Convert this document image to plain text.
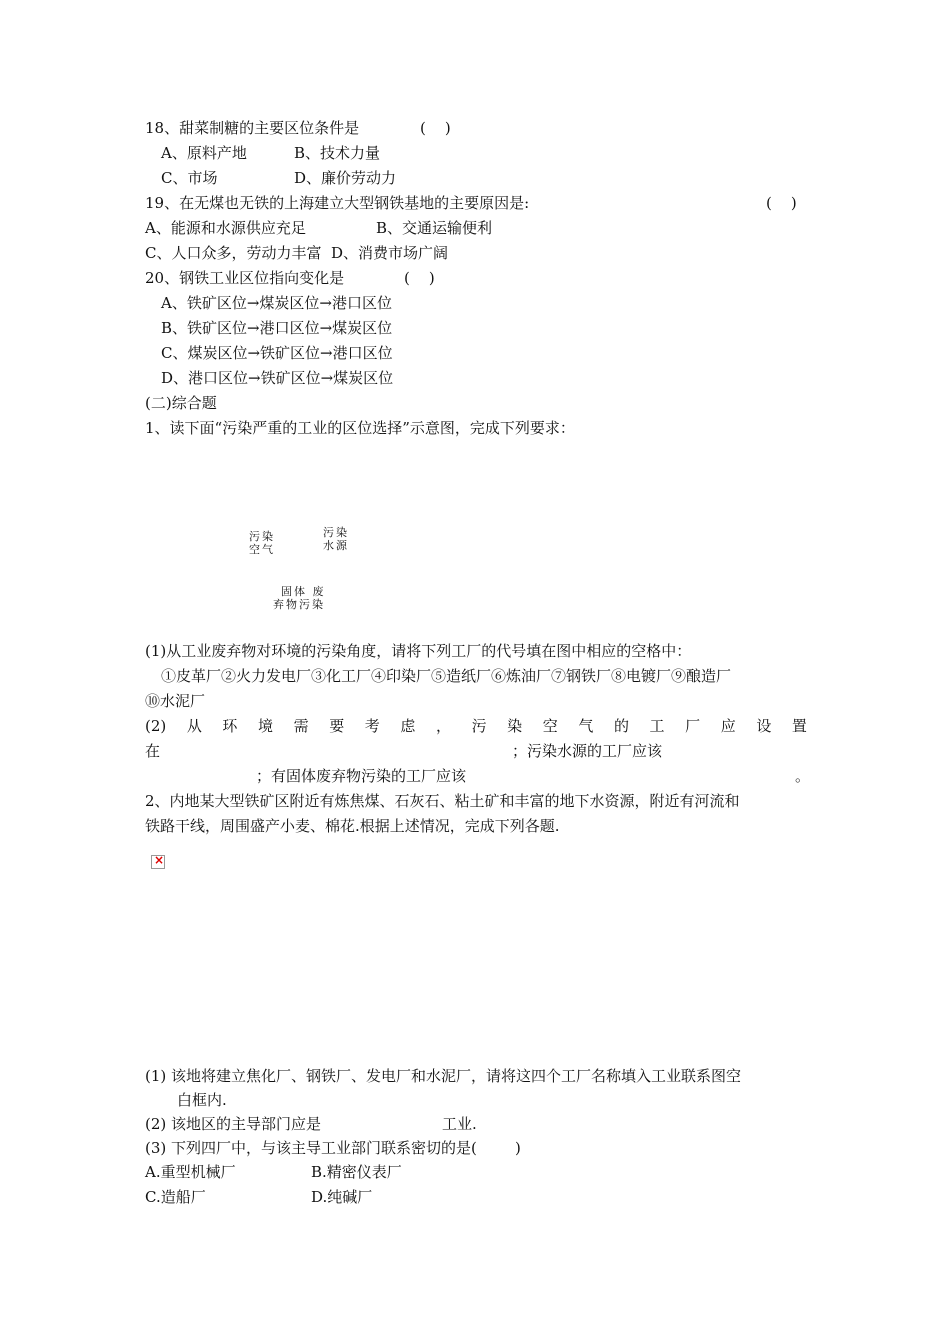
18、甜菜制糖的主要区位条件是	(    )
A、原料产地	B、技术力量
C、市场	D、廉价劳动力
19、在无煤也无铁的上海建立大型钢铁基地的主要原因是:	(    )
A、能源和水源供应充足	B、交通运输便利
C、人口众多，劳动力丰富  D、消费市场广阔
20、钢铁工业区位指向变化是	(    )
A、铁矿区位→煤炭区位→港口区位
B、铁矿区位→港口区位→煤炭区位
C、煤炭区位→铁矿区位→港口区位
D、港口区位→铁矿区位→煤炭区位
(二)综合题
1、读下面“污染严重的工业的区位选择”示意图，完成下列要求：
污染
空气
污染
水源
固体 废
弃物污染
(1)从工业废弃物对环境的污染角度，请将下列工厂的代号填在图中相应的空格中：
①皮革厂②火力发电厂③化工厂④印染厂⑤造纸厂⑥炼油厂⑦钢铁厂⑧电镀厂⑨酿造厂
⑩水泥厂
(2) 从 环 境 需 要 考 虑 ， 污 染 空 气 的 工 厂 应 设 置
在	；污染水源的工厂应该
；有固体废弃物污染的工厂应该	。
2、内地某大型铁矿区附近有炼焦煤、石灰石、粘土矿和丰富的地下水资源，附近有河流和
铁路干线，周围盛产小麦、棉花.根据上述情况，完成下列各题.
×
(1) 该地将建立焦化厂、钢铁厂、发电厂和水泥厂，请将这四个工厂名称填入工业联系图空
白框内.
(2) 该地区的主导部门应是	工业.
(3) 下列四厂中，与该主导工业部门联系密切的是(        )
A.重型机械厂	B.精密仪表厂
C.造船厂	D.纯碱厂
